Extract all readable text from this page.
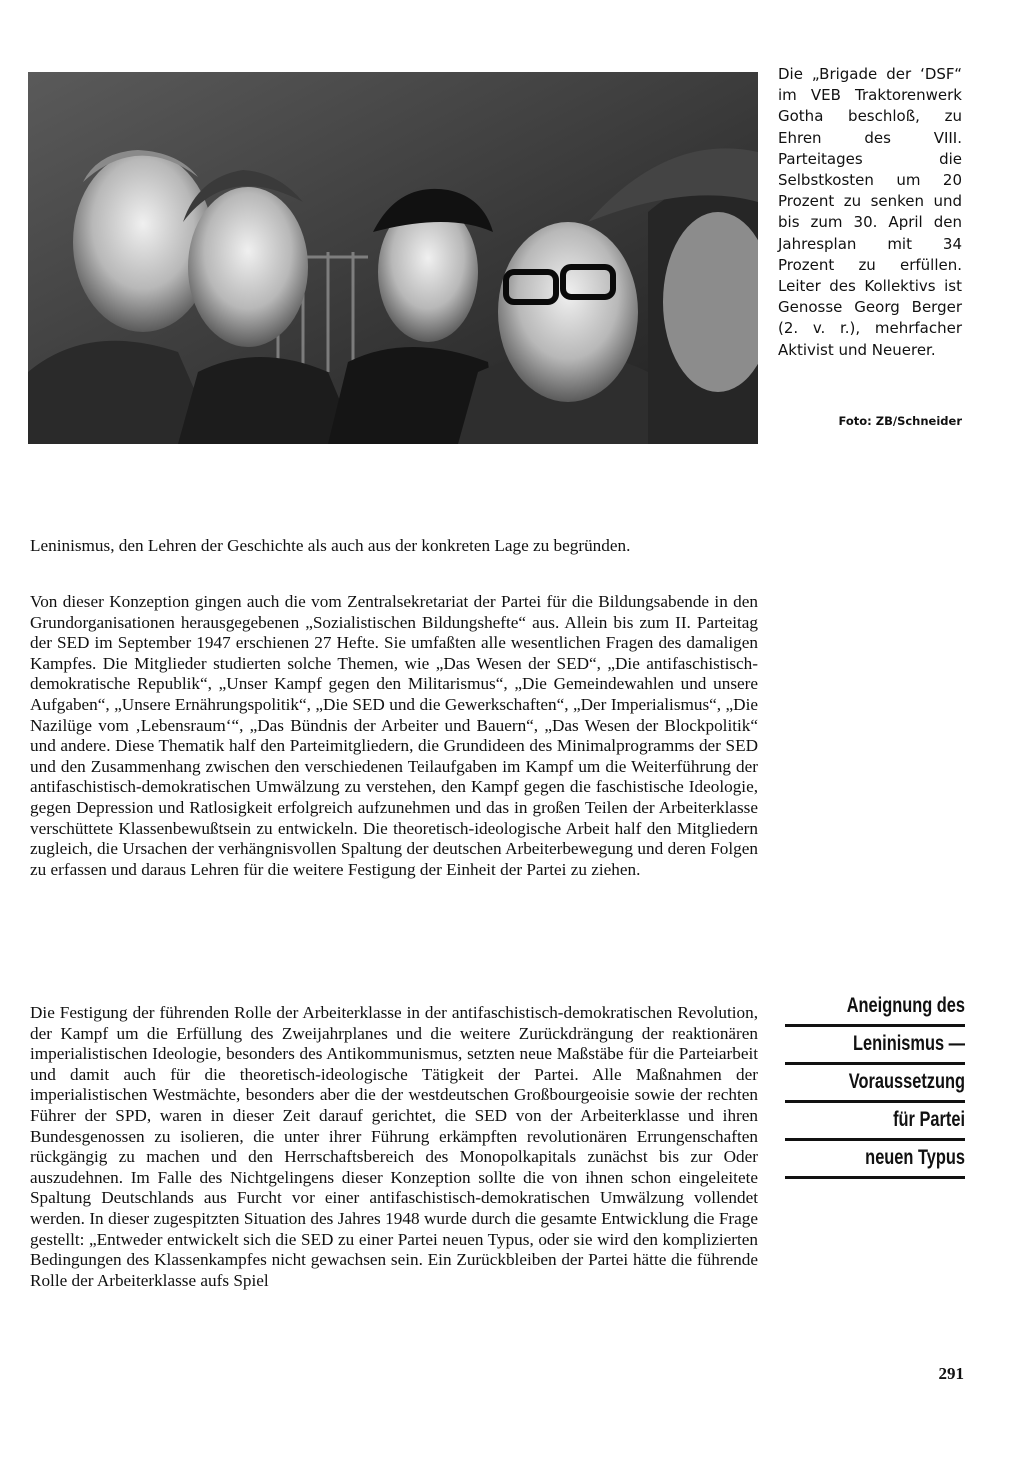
Die „Brigade der ‘DSF“ im VEB Traktorenwerk Gotha beschloß, zu Ehren des VIII. Parteitages die Selbstkosten um 20 Prozent zu senken und bis zum 30. April den Jahresplan mit 34 Prozent zu erfüllen. Leiter des Kollektivs ist Genosse Georg Berger (2. v. r.), mehrfacher Aktivist und Neuerer.

Foto: ZB/Schneider

Leninismus, den Lehren der Geschichte als auch aus der konkreten Lage zu begründen.

Von dieser Konzeption gingen auch die vom Zentralsekretariat der Partei für die Bildungsabende in den Grundorganisationen herausgegebenen „Sozialistischen Bildungshefte“ aus. Allein bis zum II. Parteitag der SED im September 1947 erschienen 27 Hefte. Sie umfaßten alle wesentlichen Fragen des damaligen Kampfes. Die Mitglieder studierten solche Themen, wie „Das Wesen der SED“, „Die antifaschistisch-demokratische Republik“, „Unser Kampf gegen den Militarismus“, „Die Gemeindewahlen und unsere Aufgaben“, „Unsere Ernährungspolitik“, „Die SED und die Gewerkschaften“, „Der Imperialismus“, „Die Nazilüge vom ‚Lebensraum‘“, „Das Bündnis der Arbeiter und Bauern“, „Das Wesen der Blockpolitik“ und andere. Diese Thematik half den Parteimitgliedern, die Grundideen des Minimalprogramms der SED und den Zusammenhang zwischen den verschiedenen Teilaufgaben im Kampf um die Weiterführung der antifaschistisch-demokratischen Umwälzung zu verstehen, den Kampf gegen die faschistische Ideologie, gegen Depression und Ratlosigkeit erfolgreich aufzunehmen und das in großen Teilen der Arbeiterklasse verschüttete Klassenbewußtsein zu entwickeln. Die theoretisch-ideologische Arbeit half den Mitgliedern zugleich, die Ursachen der verhängnisvollen Spaltung der deutschen Arbeiterbewegung und deren Folgen zu erfassen und daraus Lehren für die weitere Festigung der Einheit der Partei zu ziehen.

Die Festigung der führenden Rolle der Arbeiterklasse in der antifaschistisch-demokratischen Revolution, der Kampf um die Erfüllung des Zweijahrplanes und die weitere Zurückdrängung der reaktionären imperialistischen Ideologie, besonders des Antikommunismus, setzten neue Maßstäbe für die Parteiarbeit und damit auch für die theoretisch-ideologische Tätigkeit der Partei. Alle Maßnahmen der imperialistischen Westmächte, besonders aber die der westdeutschen Großbourgeoisie sowie der rechten Führer der SPD, waren in dieser Zeit darauf gerichtet, die SED von der Arbeiterklasse und ihren Bundesgenossen zu isolieren, die unter ihrer Führung erkämpften revolutionären Errungenschaften rückgängig zu machen und den Herrschaftsbereich des Monopolkapitals zunächst bis zur Oder auszudehnen. Im Falle des Nichtgelingens dieser Konzeption sollte die von ihnen schon eingeleitete Spaltung Deutschlands aus Furcht vor einer antifaschistisch-demokratischen Umwälzung vollendet werden. In dieser zugespitzten Situation des Jahres 1948 wurde durch die gesamte Entwicklung die Frage gestellt: „Entweder entwickelt sich die SED zu einer Partei neuen Typus, oder sie wird den komplizierten Bedingungen des Klassenkampfes nicht gewachsen sein. Ein Zurückbleiben der Partei hätte die führende Rolle der Arbeiterklasse aufs Spiel

Aneignung des
Leninismus —
Voraussetzung
für Partei
neuen Typus
291
